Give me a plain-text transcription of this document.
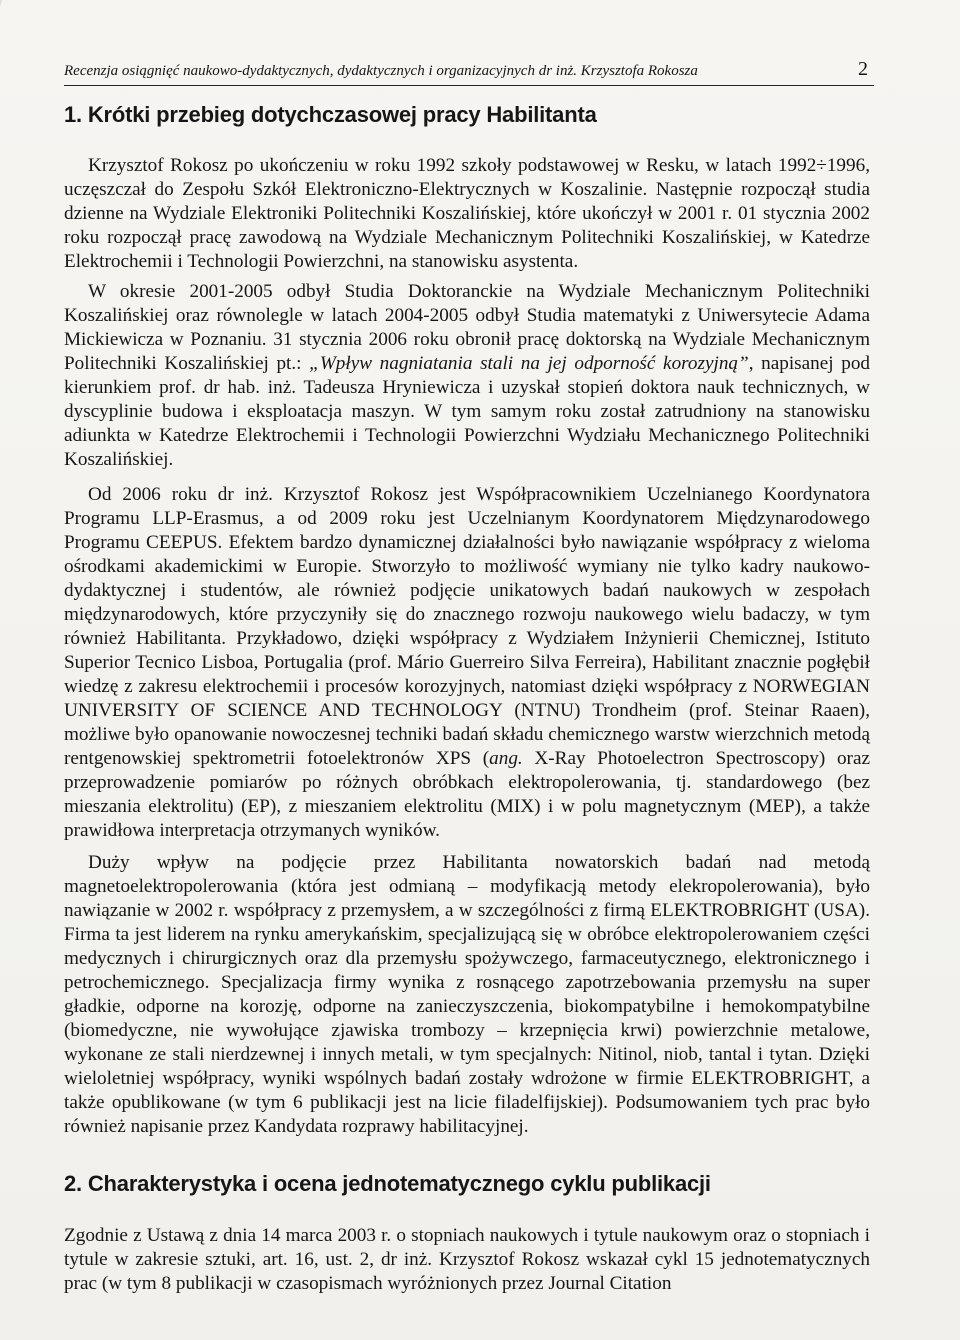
Recenzja osiągnięć naukowo-dydaktycznych, dydaktycznych i organizacyjnych dr inż. Krzysztofa Rokosza	2
1. Krótki przebieg dotychczasowej pracy Habilitanta

Krzysztof Rokosz po ukończeniu w roku 1992 szkoły podstawowej w Resku, w latach 1992÷1996, uczęszczał do Zespołu Szkół Elektroniczno-Elektrycznych w Koszalinie. Następnie rozpoczął studia dzienne na Wydziale Elektroniki Politechniki Koszalińskiej, które ukończył w 2001 r. 01 stycznia 2002 roku rozpoczął pracę zawodową na Wydziale Mechanicznym Politechniki Koszalińskiej, w Katedrze Elektrochemii i Technologii Powierzchni, na stanowisku asystenta.

W okresie 2001-2005 odbył Studia Doktoranckie na Wydziale Mechanicznym Politechniki Koszalińskiej oraz równolegle w latach 2004-2005 odbył Studia matematyki z Uniwersytecie Adama Mickiewicza w Poznaniu. 31 stycznia 2006 roku obronił pracę doktorską na Wydziale Mechanicznym Politechniki Koszalińskiej pt.: „Wpływ nagniatania stali na jej odporność korozyjną”, napisanej pod kierunkiem prof. dr hab. inż. Tadeusza Hryniewicza i uzyskał stopień doktora nauk technicznych, w dyscyplinie budowa i eksploatacja maszyn. W tym samym roku został zatrudniony na stanowisku adiunkta w Katedrze Elektrochemii i Technologii Powierzchni Wydziału Mechanicznego Politechniki Koszalińskiej.

Od 2006 roku dr inż. Krzysztof Rokosz jest Współpracownikiem Uczelnianego Koordynatora Programu LLP-Erasmus, a od 2009 roku jest Uczelnianym Koordynatorem Międzynarodowego Programu CEEPUS. Efektem bardzo dynamicznej działalności było nawiązanie współpracy z wieloma ośrodkami akademickimi w Europie. Stworzyło to możliwość wymiany nie tylko kadry naukowo-dydaktycznej i studentów, ale również podjęcie unikatowych badań naukowych w zespołach międzynarodowych, które przyczyniły się do znacznego rozwoju naukowego wielu badaczy, w tym również Habilitanta. Przykładowo, dzięki współpracy z Wydziałem Inżynierii Chemicznej, Istituto Superior Tecnico Lisboa, Portugalia (prof. Mário Guerreiro Silva Ferreira), Habilitant znacznie pogłębił wiedzę z zakresu elektrochemii i procesów korozyjnych, natomiast dzięki współpracy z NORWEGIAN UNIVERSITY OF SCIENCE AND TECHNOLOGY (NTNU) Trondheim (prof. Steinar Raaen), możliwe było opanowanie nowoczesnej techniki badań składu chemicznego warstw wierzchnich metodą rentgenowskiej spektrometrii fotoelektronów XPS (ang. X-Ray Photoelectron Spectroscopy) oraz przeprowadzenie pomiarów po różnych obróbkach elektropolerowania, tj. standardowego (bez mieszania elektrolitu) (EP), z mieszaniem elektrolitu (MIX) i w polu magnetycznym (MEP), a także prawidłowa interpretacja otrzymanych wyników.

Duży wpływ na podjęcie przez Habilitanta nowatorskich badań nad metodą magnetoelektropolerowania (która jest odmianą – modyfikacją metody elekropolerowania), było nawiązanie w 2002 r. współpracy z przemysłem, a w szczególności z firmą ELEKTROBRIGHT (USA). Firma ta jest liderem na rynku amerykańskim, specjalizującą się w obróbce elektropolerowaniem części medycznych i chirurgicznych oraz dla przemysłu spożywczego, farmaceutycznego, elektronicznego i petrochemicznego. Specjalizacja firmy wynika z rosnącego zapotrzebowania przemysłu na super gładkie, odporne na korozję, odporne na zanieczyszczenia, biokompatybilne i hemokompatybilne (biomedyczne, nie wywołujące zjawiska trombozy – krzepnięcia krwi) powierzchnie metalowe, wykonane ze stali nierdzewnej i innych metali, w tym specjalnych: Nitinol, niob, tantal i tytan. Dzięki wieloletniej współpracy, wyniki wspólnych badań zostały wdrożone w firmie ELEKTROBRIGHT, a także opublikowane (w tym 6 publikacji jest na licie filadelfijskiej). Podsumowaniem tych prac było również napisanie przez Kandydata rozprawy habilitacyjnej.

2. Charakterystyka i ocena jednotematycznego cyklu publikacji

Zgodnie z Ustawą z dnia 14 marca 2003 r. o stopniach naukowych i tytule naukowym oraz o stopniach i tytule w zakresie sztuki, art. 16, ust. 2, dr inż. Krzysztof Rokosz wskazał cykl 15 jednotematycznych prac (w tym 8 publikacji w czasopismach wyróżnionych przez Journal Citation
